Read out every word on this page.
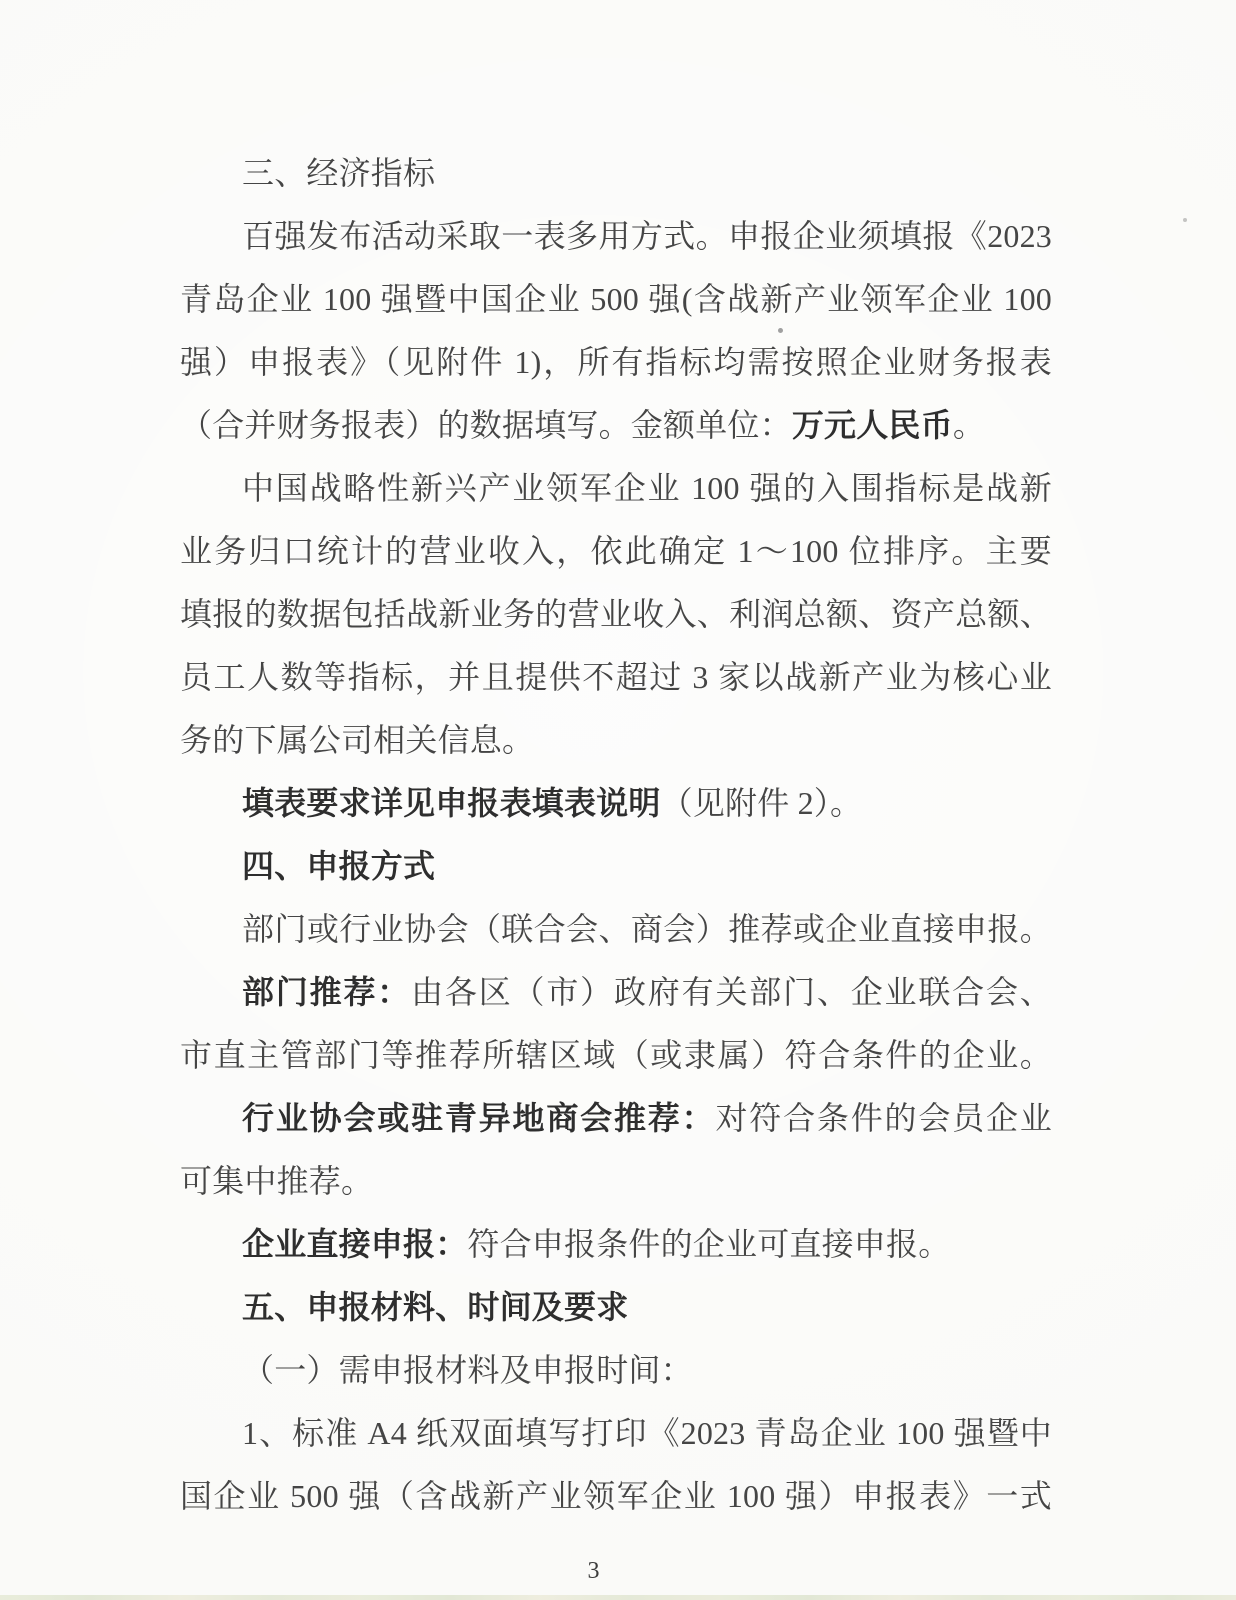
三、经济指标
百强发布活动采取一表多用方式。申报企业须填报《2023
青岛企业 100 强暨中国企业 500 强(含战新产业领军企业 100
强）申报表》（见附件 1)，所有指标均需按照企业财务报表
（合并财务报表）的数据填写。金额单位：万元人民币。
中国战略性新兴产业领军企业 100 强的入围指标是战新
业务归口统计的营业收入，依此确定 1～100 位排序。主要
填报的数据包括战新业务的营业收入、利润总额、资产总额、
员工人数等指标，并且提供不超过 3 家以战新产业为核心业
务的下属公司相关信息。
填表要求详见申报表填表说明（见附件 2）。
四、申报方式
部门或行业协会（联合会、商会）推荐或企业直接申报。
部门推荐：由各区（市）政府有关部门、企业联合会、
市直主管部门等推荐所辖区域（或隶属）符合条件的企业。
行业协会或驻青异地商会推荐：对符合条件的会员企业
可集中推荐。
企业直接申报：符合申报条件的企业可直接申报。
五、申报材料、时间及要求
（一）需申报材料及申报时间：
1、标准 A4 纸双面填写打印《2023 青岛企业 100 强暨中
国企业 500 强（含战新产业领军企业 100 强）申报表》一式
3
